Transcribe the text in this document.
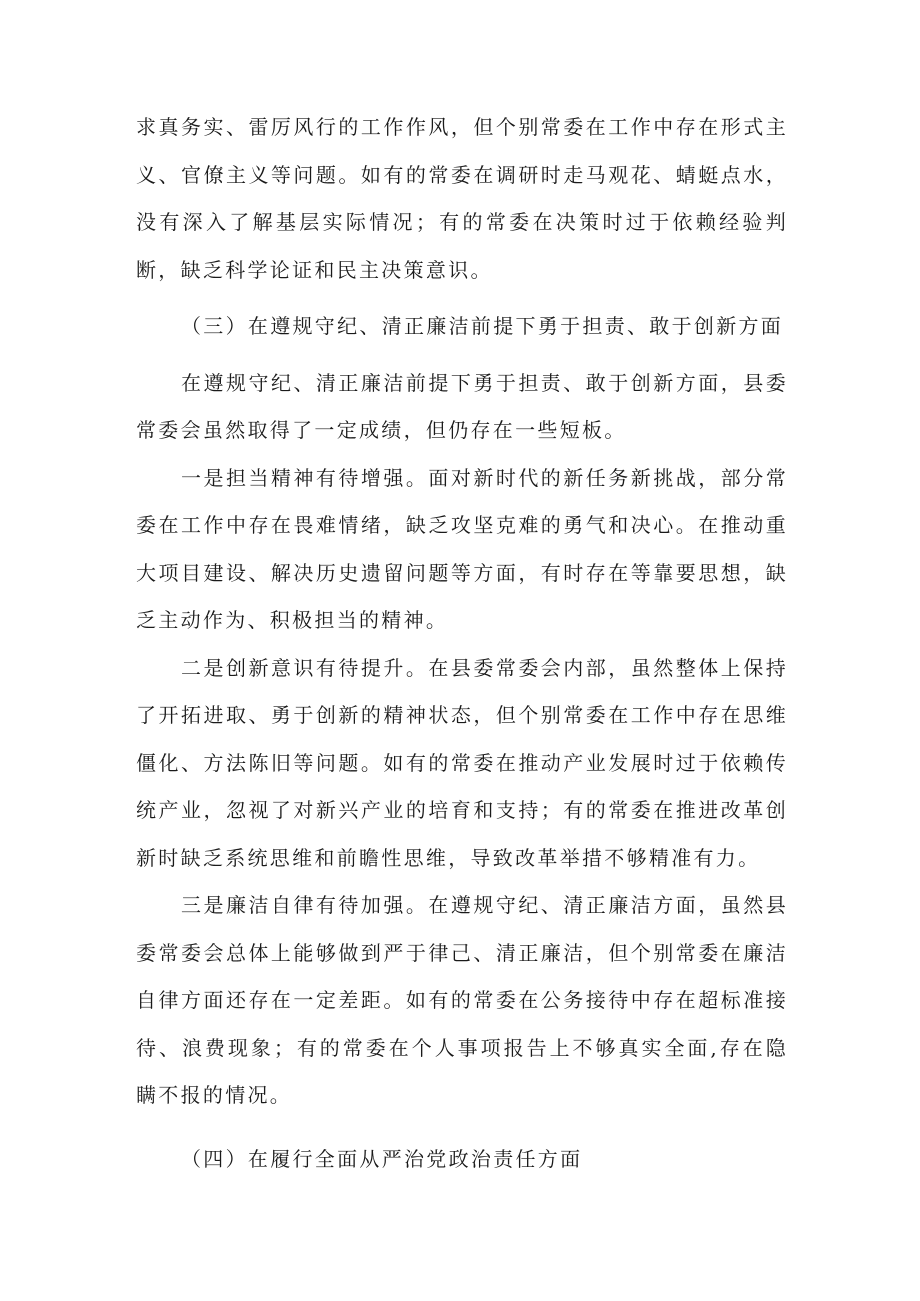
求真务实、雷厉风行的工作作风，但个别常委在工作中存在形式主义、官僚主义等问题。如有的常委在调研时走马观花、蜻蜓点水，没有深入了解基层实际情况；有的常委在决策时过于依赖经验判断，缺乏科学论证和民主决策意识。

（三）在遵规守纪、清正廉洁前提下勇于担责、敢于创新方面

在遵规守纪、清正廉洁前提下勇于担责、敢于创新方面，县委常委会虽然取得了一定成绩，但仍存在一些短板。

一是担当精神有待增强。面对新时代的新任务新挑战，部分常委在工作中存在畏难情绪，缺乏攻坚克难的勇气和决心。在推动重大项目建设、解决历史遗留问题等方面，有时存在等靠要思想，缺乏主动作为、积极担当的精神。

二是创新意识有待提升。在县委常委会内部，虽然整体上保持了开拓进取、勇于创新的精神状态，但个别常委在工作中存在思维僵化、方法陈旧等问题。如有的常委在推动产业发展时过于依赖传统产业，忽视了对新兴产业的培育和支持；有的常委在推进改革创新时缺乏系统思维和前瞻性思维，导致改革举措不够精准有力。

三是廉洁自律有待加强。在遵规守纪、清正廉洁方面，虽然县委常委会总体上能够做到严于律己、清正廉洁，但个别常委在廉洁自律方面还存在一定差距。如有的常委在公务接待中存在超标准接待、浪费现象；有的常委在个人事项报告上不够真实全面,存在隐瞒不报的情况。

（四）在履行全面从严治党政治责任方面
